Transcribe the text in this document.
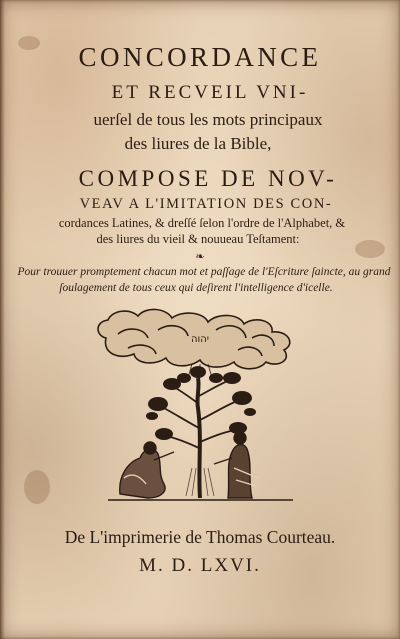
CONCORDANCE
ET RECVEIL VNI-
uerſel de tous les mots principaux
des liures de la Bible,
COMPOSE DE NOV-
VEAV A L'IMITATION DES CON-
cordances Latines, & dreſſé ſelon l'ordre de l'Alphabet, &
des liures du vieil & nouueau Teſtament:
❧
Pour trouuer promptement chacun mot et paſſage de l'Eſcriture ſaincte, au grand
ſoulagement de tous ceux qui deſirent l'intelligence d'icelle.
יהוה
De L'imprimerie de Thomas Courteau.
M. D. LXVI.
